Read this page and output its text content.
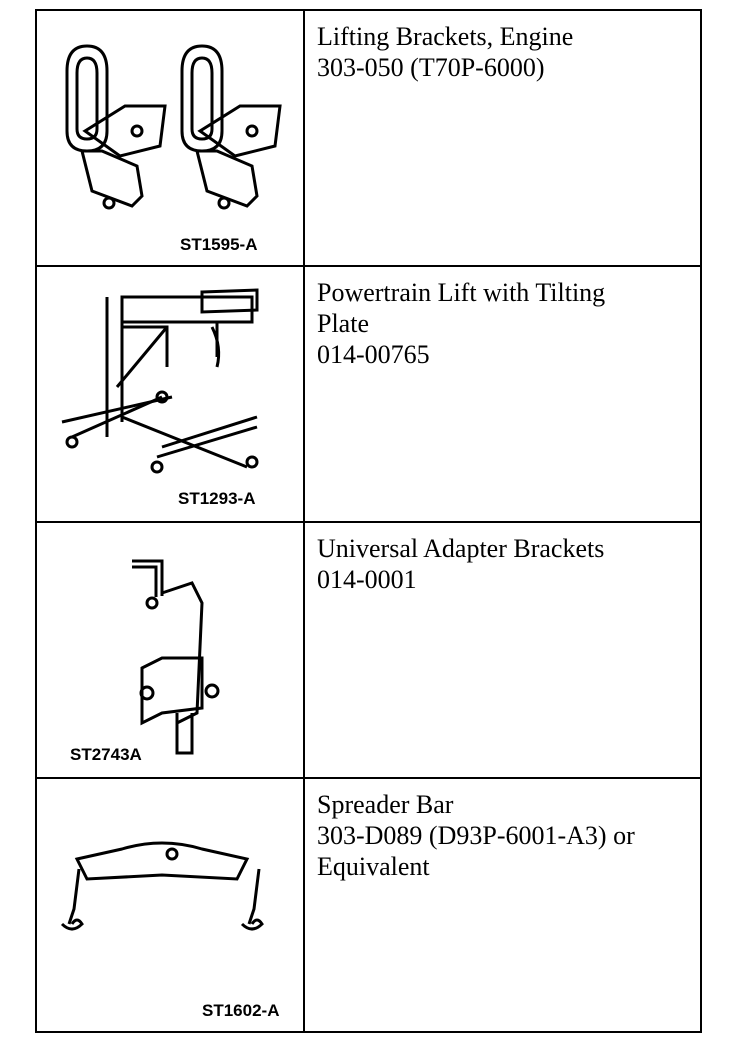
ST1595-A
Lifting Brackets, Engine
303-050 (T70P-6000)
ST1293-A
Powertrain Lift with Tilting
Plate
014-00765
ST2743A
Universal Adapter Brackets
014-0001
ST1602-A
Spreader Bar
303-D089 (D93P-6001-A3) or
Equivalent
